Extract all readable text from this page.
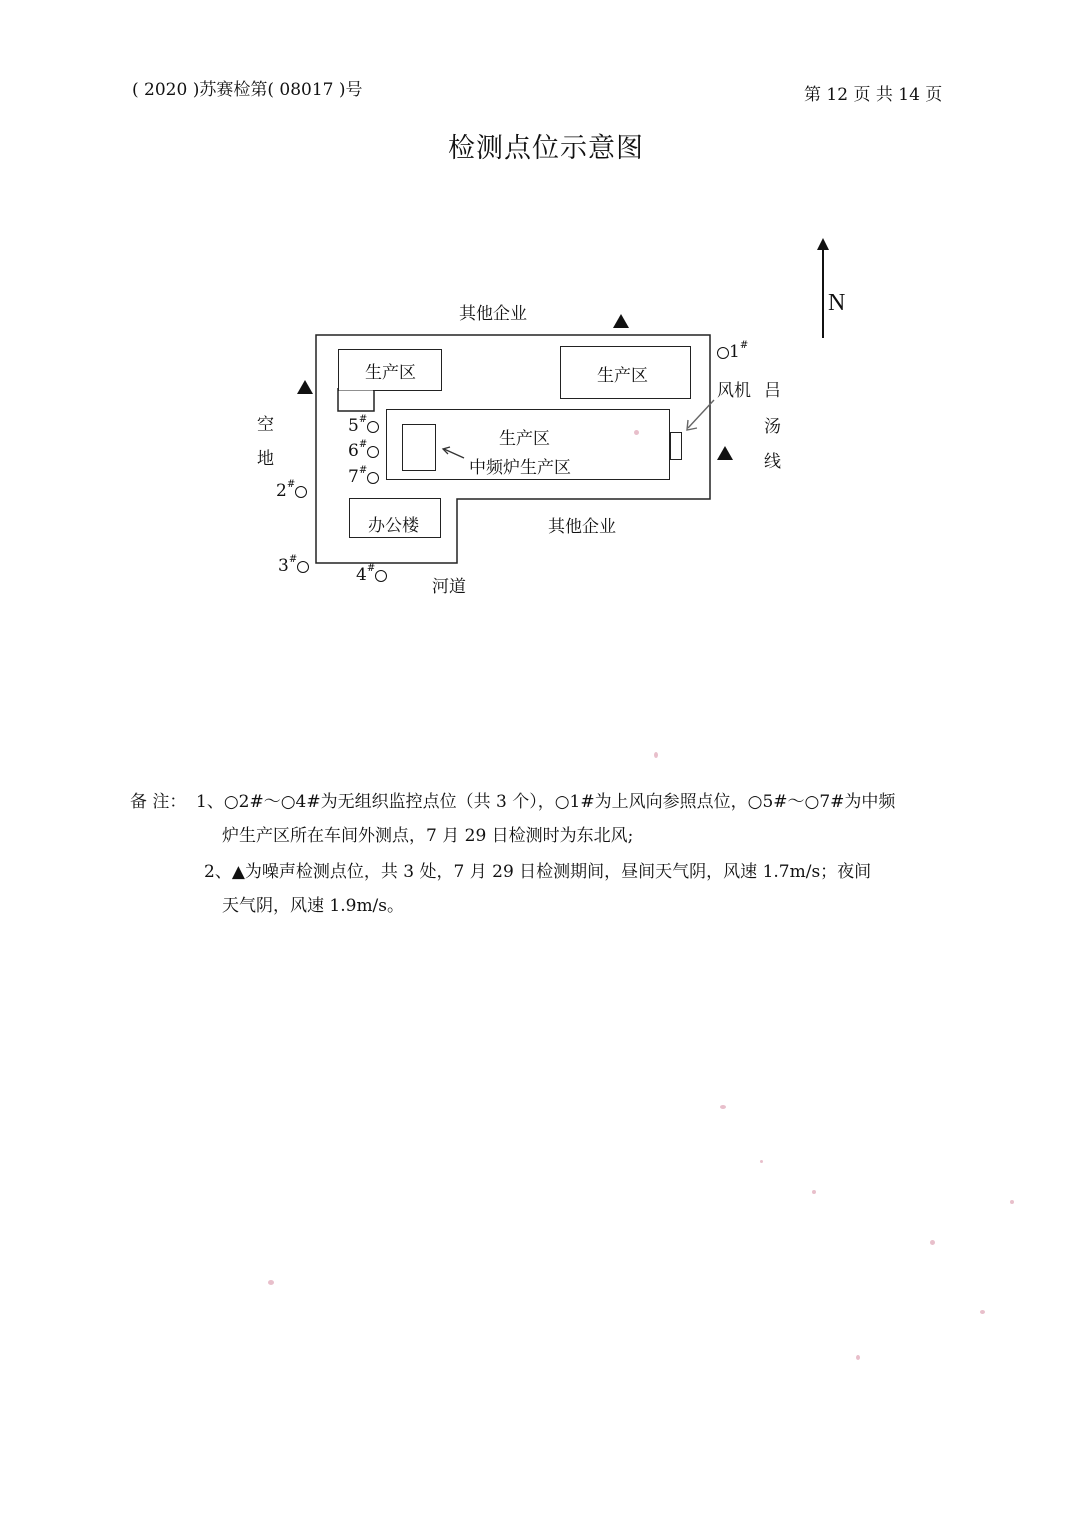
( 2020 )苏赛检第( 08017 )号	第 12 页 共 14 页
检测点位示意图
N
生产区	生产区
生产区
中频炉生产区
风机
办公楼
其他企业
其他企业
河道
空
地
吕
汤
线
1#
5#
6#
7#
2#
3#
4#
备 注： 1、○2#～○4#为无组织监控点位（共 3 个），○1#为上风向参照点位，○5#～○7#为中频
炉生产区所在车间外测点，7 月 29 日检测时为东北风;
2、▲为噪声检测点位，共 3 处，7 月 29 日检测期间，昼间天气阴，风速 1.7m/s；夜间
天气阴，风速 1.9m/s。
